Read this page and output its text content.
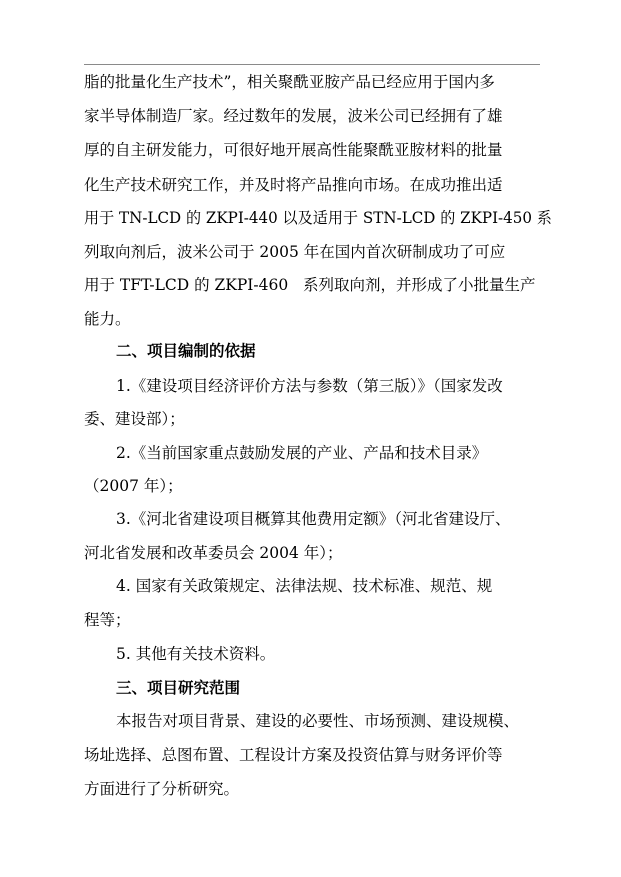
脂的批量化生产技术”，相关聚酰亚胺产品已经应用于国内多
家半导体制造厂家。经过数年的发展，波米公司已经拥有了雄
厚的自主研发能力，可很好地开展高性能聚酰亚胺材料的批量
化生产技术研究工作，并及时将产品推向市场。在成功推出适
用于 TN-LCD 的 ZKPI-440 以及适用于 STN-LCD 的 ZKPI-450 系
列取向剂后，波米公司于 2005 年在国内首次研制成功了可应
用于 TFT-LCD 的 ZKPI-460   系列取向剂，并形成了小批量生产
能力。
二、项目编制的依据
1.《建设项目经济评价方法与参数（第三版）》（国家发改
委、建设部）；
2.《当前国家重点鼓励发展的产业、产品和技术目录》
（2007 年）；
3.《河北省建设项目概算其他费用定额》（河北省建设厅、
河北省发展和改革委员会 2004 年）；
4. 国家有关政策规定、法律法规、技术标准、规范、规
程等；
5. 其他有关技术资料。
三、项目研究范围
本报告对项目背景、建设的必要性、市场预测、建设规模、
场址选择、总图布置、工程设计方案及投资估算与财务评价等
方面进行了分析研究。
